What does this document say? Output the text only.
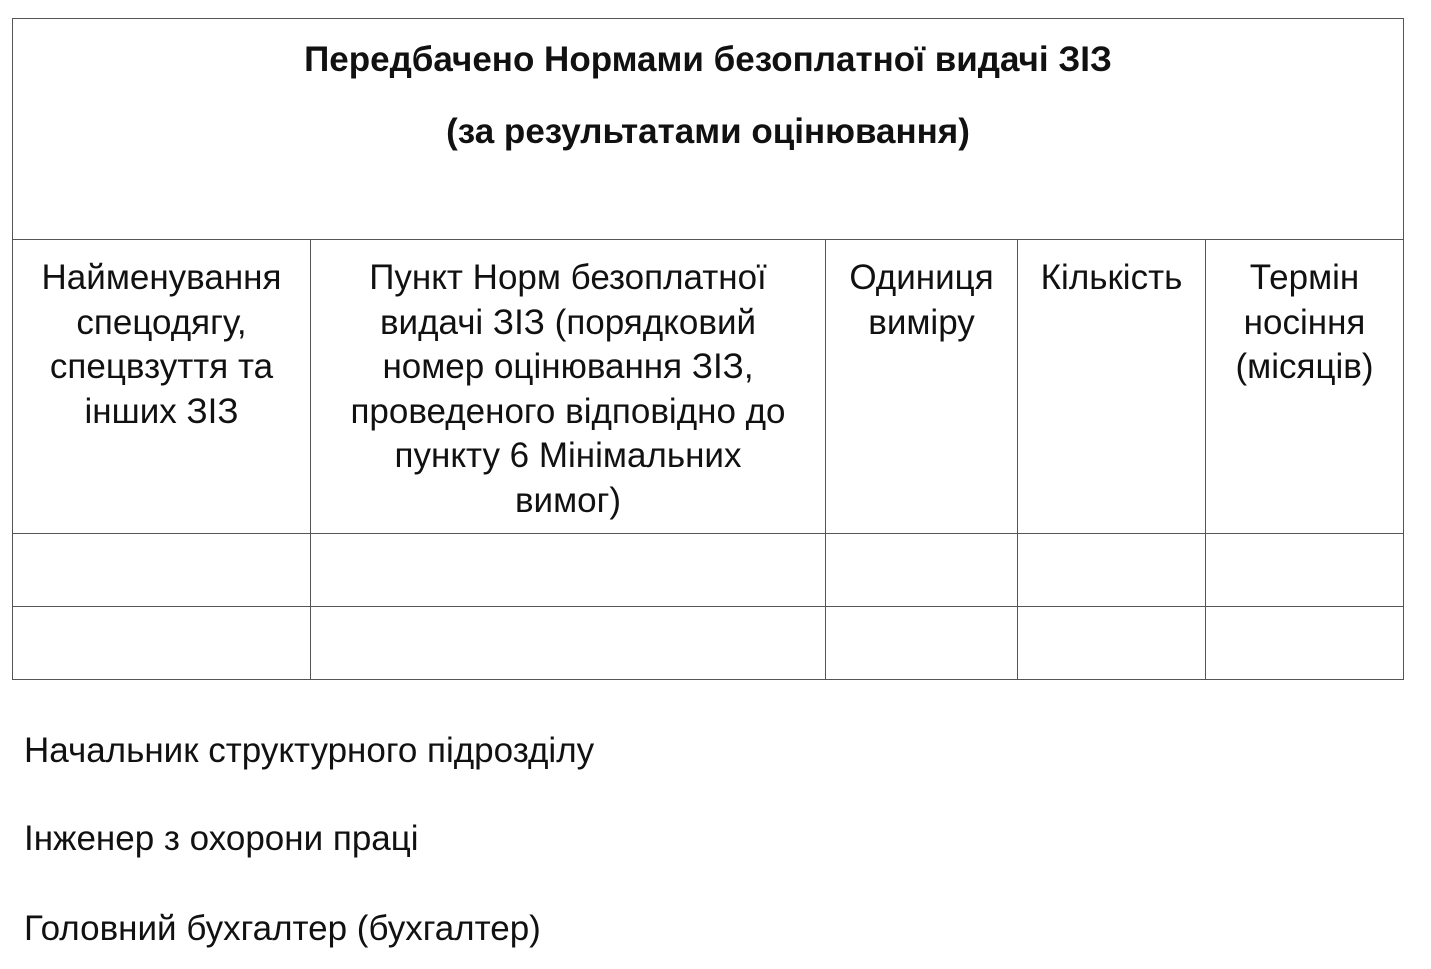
Передбачено Нормами безоплатної видачі ЗІЗ
(за результатами оцінювання)				

Найменування спецодягу, спецвзуття та інших ЗІЗ	Пункт Норм безоплатної видачі ЗІЗ (порядковий номер оцінювання ЗІЗ, проведеного відповідно до пункту 6 Мінімальних вимог)	Одиниця виміру	Кількість	Термін носіння (місяців)

Начальник структурного підрозділу
Інженер з охорони праці
Головний бухгалтер (бухгалтер)
